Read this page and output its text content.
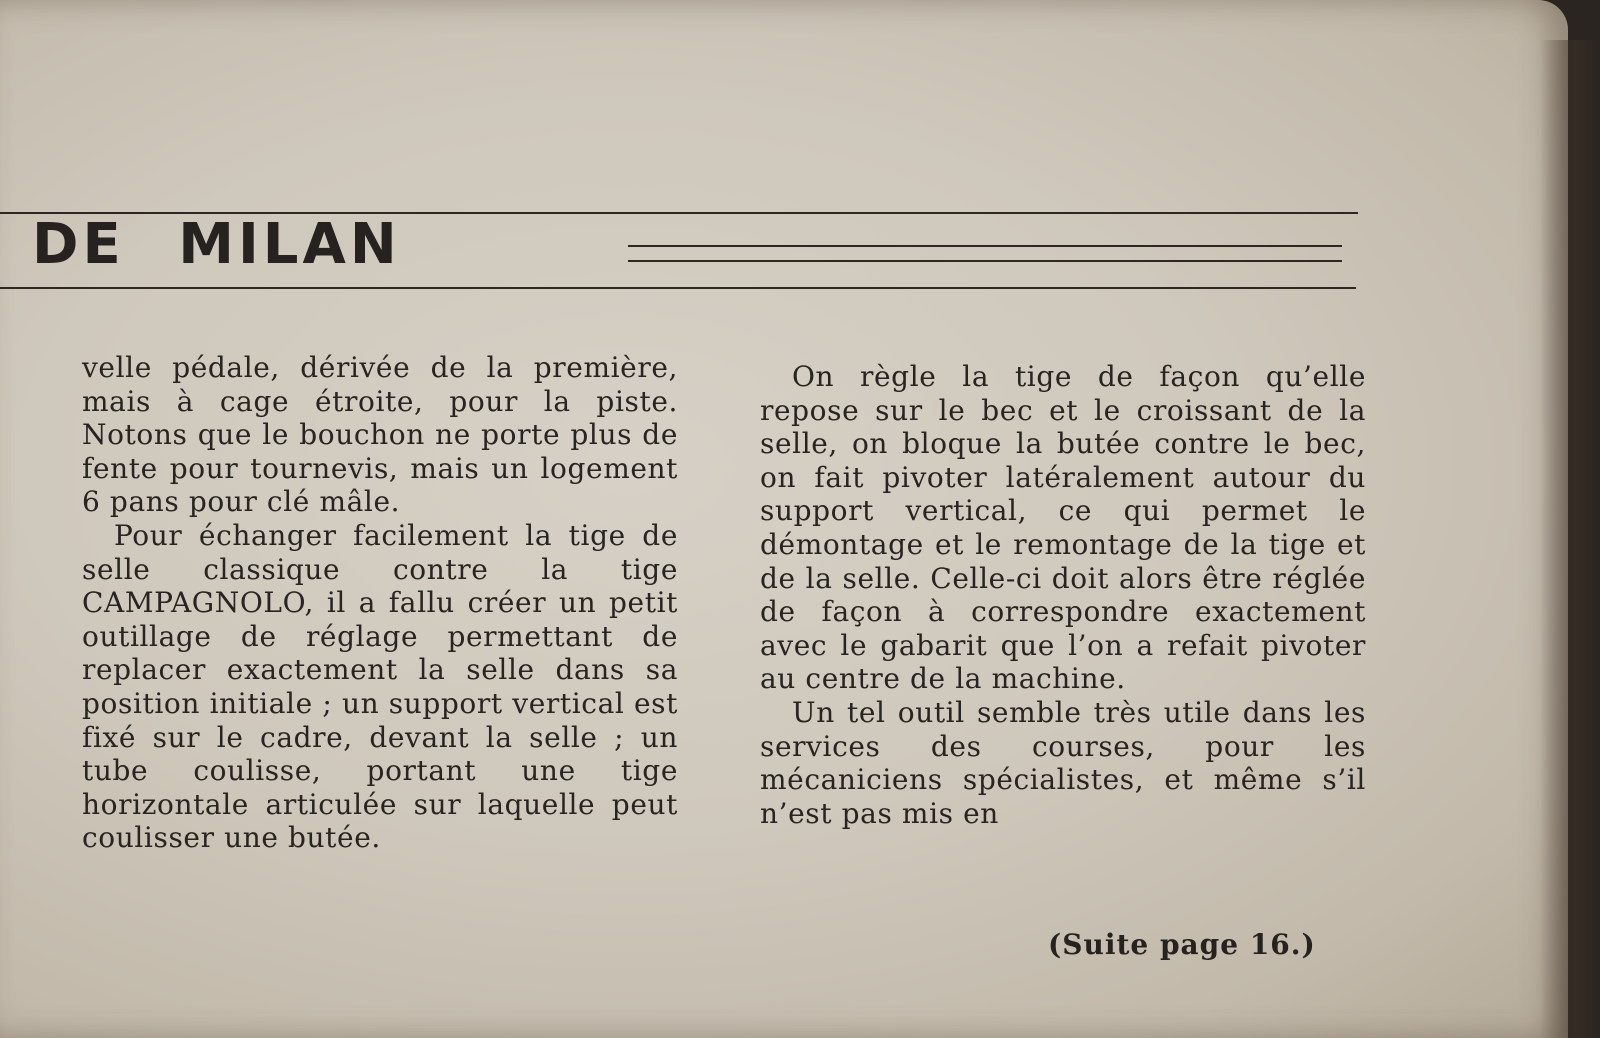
DE MILAN

velle pédale, dérivée de la première, mais à cage étroite, pour la piste. Notons que le bouchon ne porte plus de fente pour tournevis, mais un logement 6 pans pour clé mâle.

Pour échanger facilement la tige de selle classique contre la tige CAMPAGNOLO, il a fallu créer un petit outillage de réglage permettant de replacer exactement la selle dans sa position initiale ; un support vertical est fixé sur le cadre, devant la selle ; un tube coulisse, portant une tige horizontale articulée sur laquelle peut coulisser une butée.

On règle la tige de façon qu’elle repose sur le bec et le croissant de la selle, on bloque la butée contre le bec, on fait pivoter latéralement autour du support vertical, ce qui permet le démontage et le remontage de la tige et de la selle. Celle-ci doit alors être réglée de façon à correspondre exactement avec le gabarit que l’on a refait pivoter au centre de la machine.

Un tel outil semble très utile dans les services des courses, pour les mécaniciens spécialistes, et même s’il n’est pas mis en

(Suite page 16.)
